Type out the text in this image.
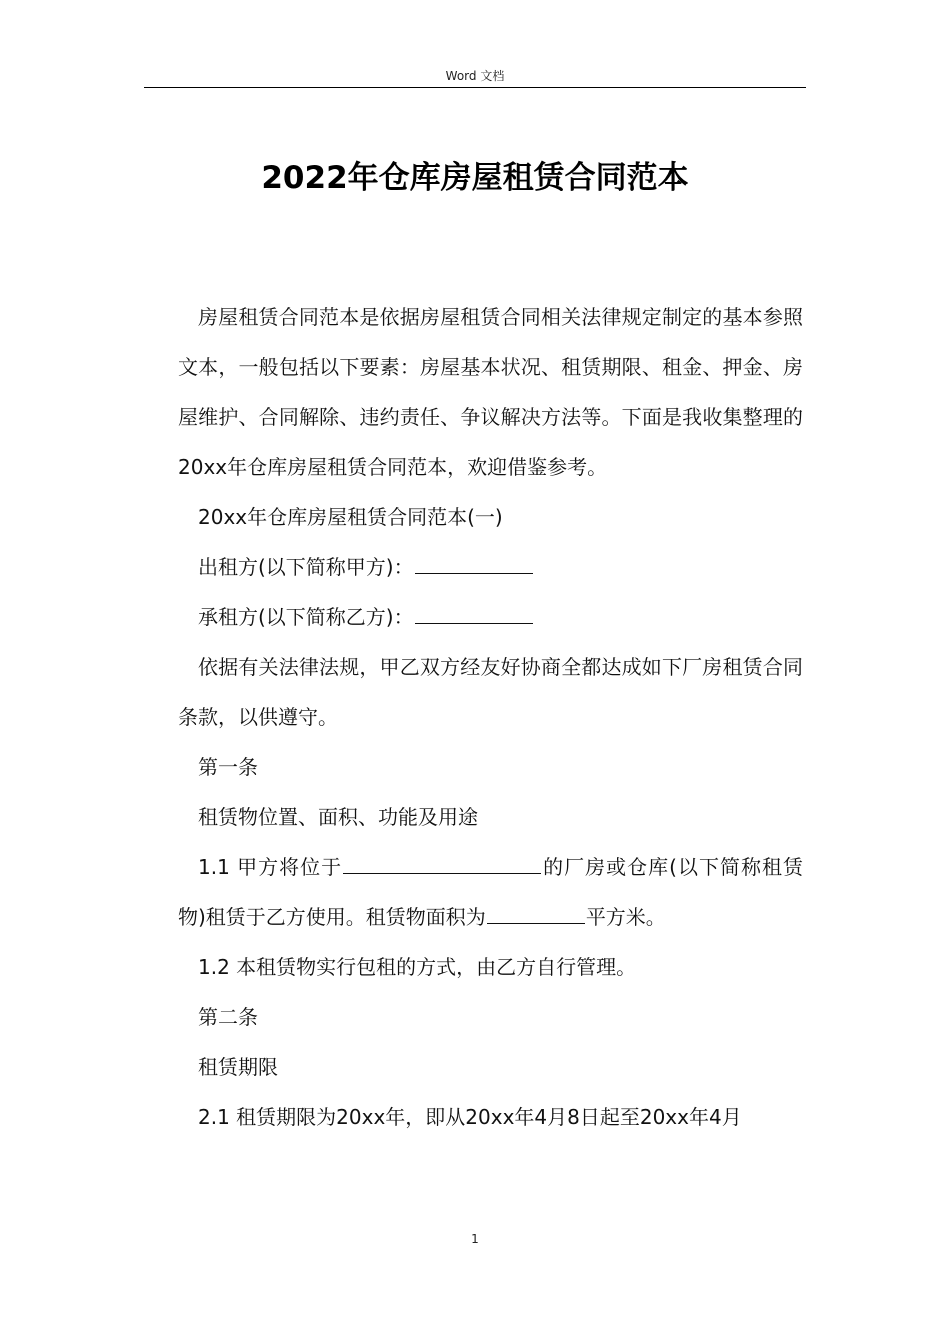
Word 文档
2022年仓库房屋租赁合同范本

房屋租赁合同范本是依据房屋租赁合同相关法律规定制定的基本参照文本，一般包括以下要素：房屋基本状况、租赁期限、租金、押金、房屋维护、合同解除、违约责任、争议解决方法等。下面是我收集整理的20xx年仓库房屋租赁合同范本，欢迎借鉴参考。

20xx年仓库房屋租赁合同范本(一)

出租方(以下简称甲方)：

承租方(以下简称乙方)：

依据有关法律法规，甲乙双方经友好协商全都达成如下厂房租赁合同条款，以供遵守。

第一条

租赁物位置、面积、功能及用途

1.1 甲方将位于	的厂房或仓库(以下简称租赁物)租赁于乙方使用。租赁物面积为	平方米。

1.2 本租赁物实行包租的方式，由乙方自行管理。

第二条

租赁期限

2.1 租赁期限为20xx年，即从20xx年4月8日起至20xx年4月

1
